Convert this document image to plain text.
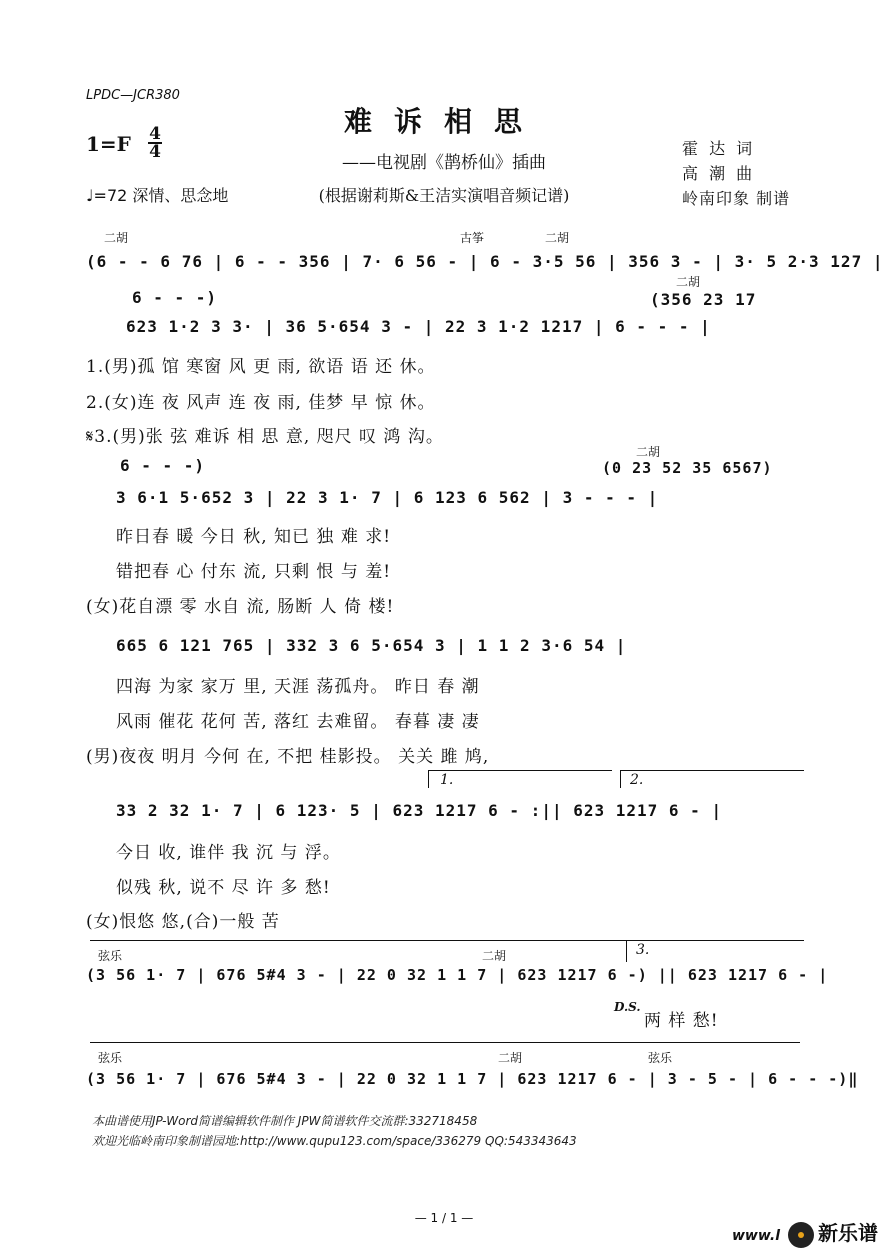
LPDC—JCR380
难诉相思
——电视剧《鹊桥仙》插曲
(根据谢莉斯&王洁实演唱音频记谱)
1=F 4
4
♩=72 深情、思念地
霍 达 词
高 潮 曲
岭南印象 制谱
二胡	古筝	二胡
(6 - - 6 76 | 6 - - 356 | 7· 6 56 - | 6 - 3·5 56 | 356 3 - | 3· 5 2·3 127 |
6 - - -)
二胡
(356 23 17
623 1·2 3 3· | 36 5·654 3 - | 22 3 1·2 1217 | 6 - - - |
1.(男)孤 馆 寒窗 风 更 雨, 欲语 语 还 休。
2.(女)连 夜 风声 连 夜 雨, 佳梦 早 惊 休。
𝄋3.(男)张 弦 难诉 相 思 意, 咫尺 叹 鸿 沟。
6 - - -)
二胡
(0 23 52 35 6567)
3 6·1 5·652 3 | 22 3 1· 7 | 6 123 6 562 | 3 - - - |
昨日春 暖 今日 秋, 知已 独 难 求!
错把春 心 付东 流, 只剩 恨 与 羞!
(女)花自漂 零 水自 流, 肠断 人 倚 楼!
665 6 121 765 | 332 3 6 5·654 3 | 1 1 2 3·6 54 |
四海 为家 家万 里, 天涯 荡孤舟。 昨日 春 潮
风雨 催花 花何 苦, 落红 去难留。 春暮 凄 凄
(男)夜夜 明月 今何 在, 不把 桂影投。 关关 雎 鸠,
1.	2.
33 2 32 1· 7 | 6 123· 5 | 623 1217 6 - :|| 623 1217 6 - |
今日 收, 谁伴 我 沉 与 浮。
似残 秋, 说不 尽 许 多 愁!
(女)恨悠 悠,(合)一般 苦
弦乐	二胡	3.
(3 56 1· 7 | 676 5#4 3 - | 22 0 32 1 1 7 | 623 1217 6 -) || 623 1217 6 - |
D.S.
两 样 愁!
弦乐	二胡	弦乐
(3 56 1· 7 | 676 5#4 3 - | 22 0 32 1 1 7 | 623 1217 6 - | 3 - 5 - | 6 - - -)‖
本曲谱使用JP-Word简谱编辑软件制作 JPW简谱软件交流群:332718458
欢迎光临岭南印象制谱园地:http://www.qupu123.com/space/336279 QQ:543343643
— 1 / 1 —
www.l 新乐谱
